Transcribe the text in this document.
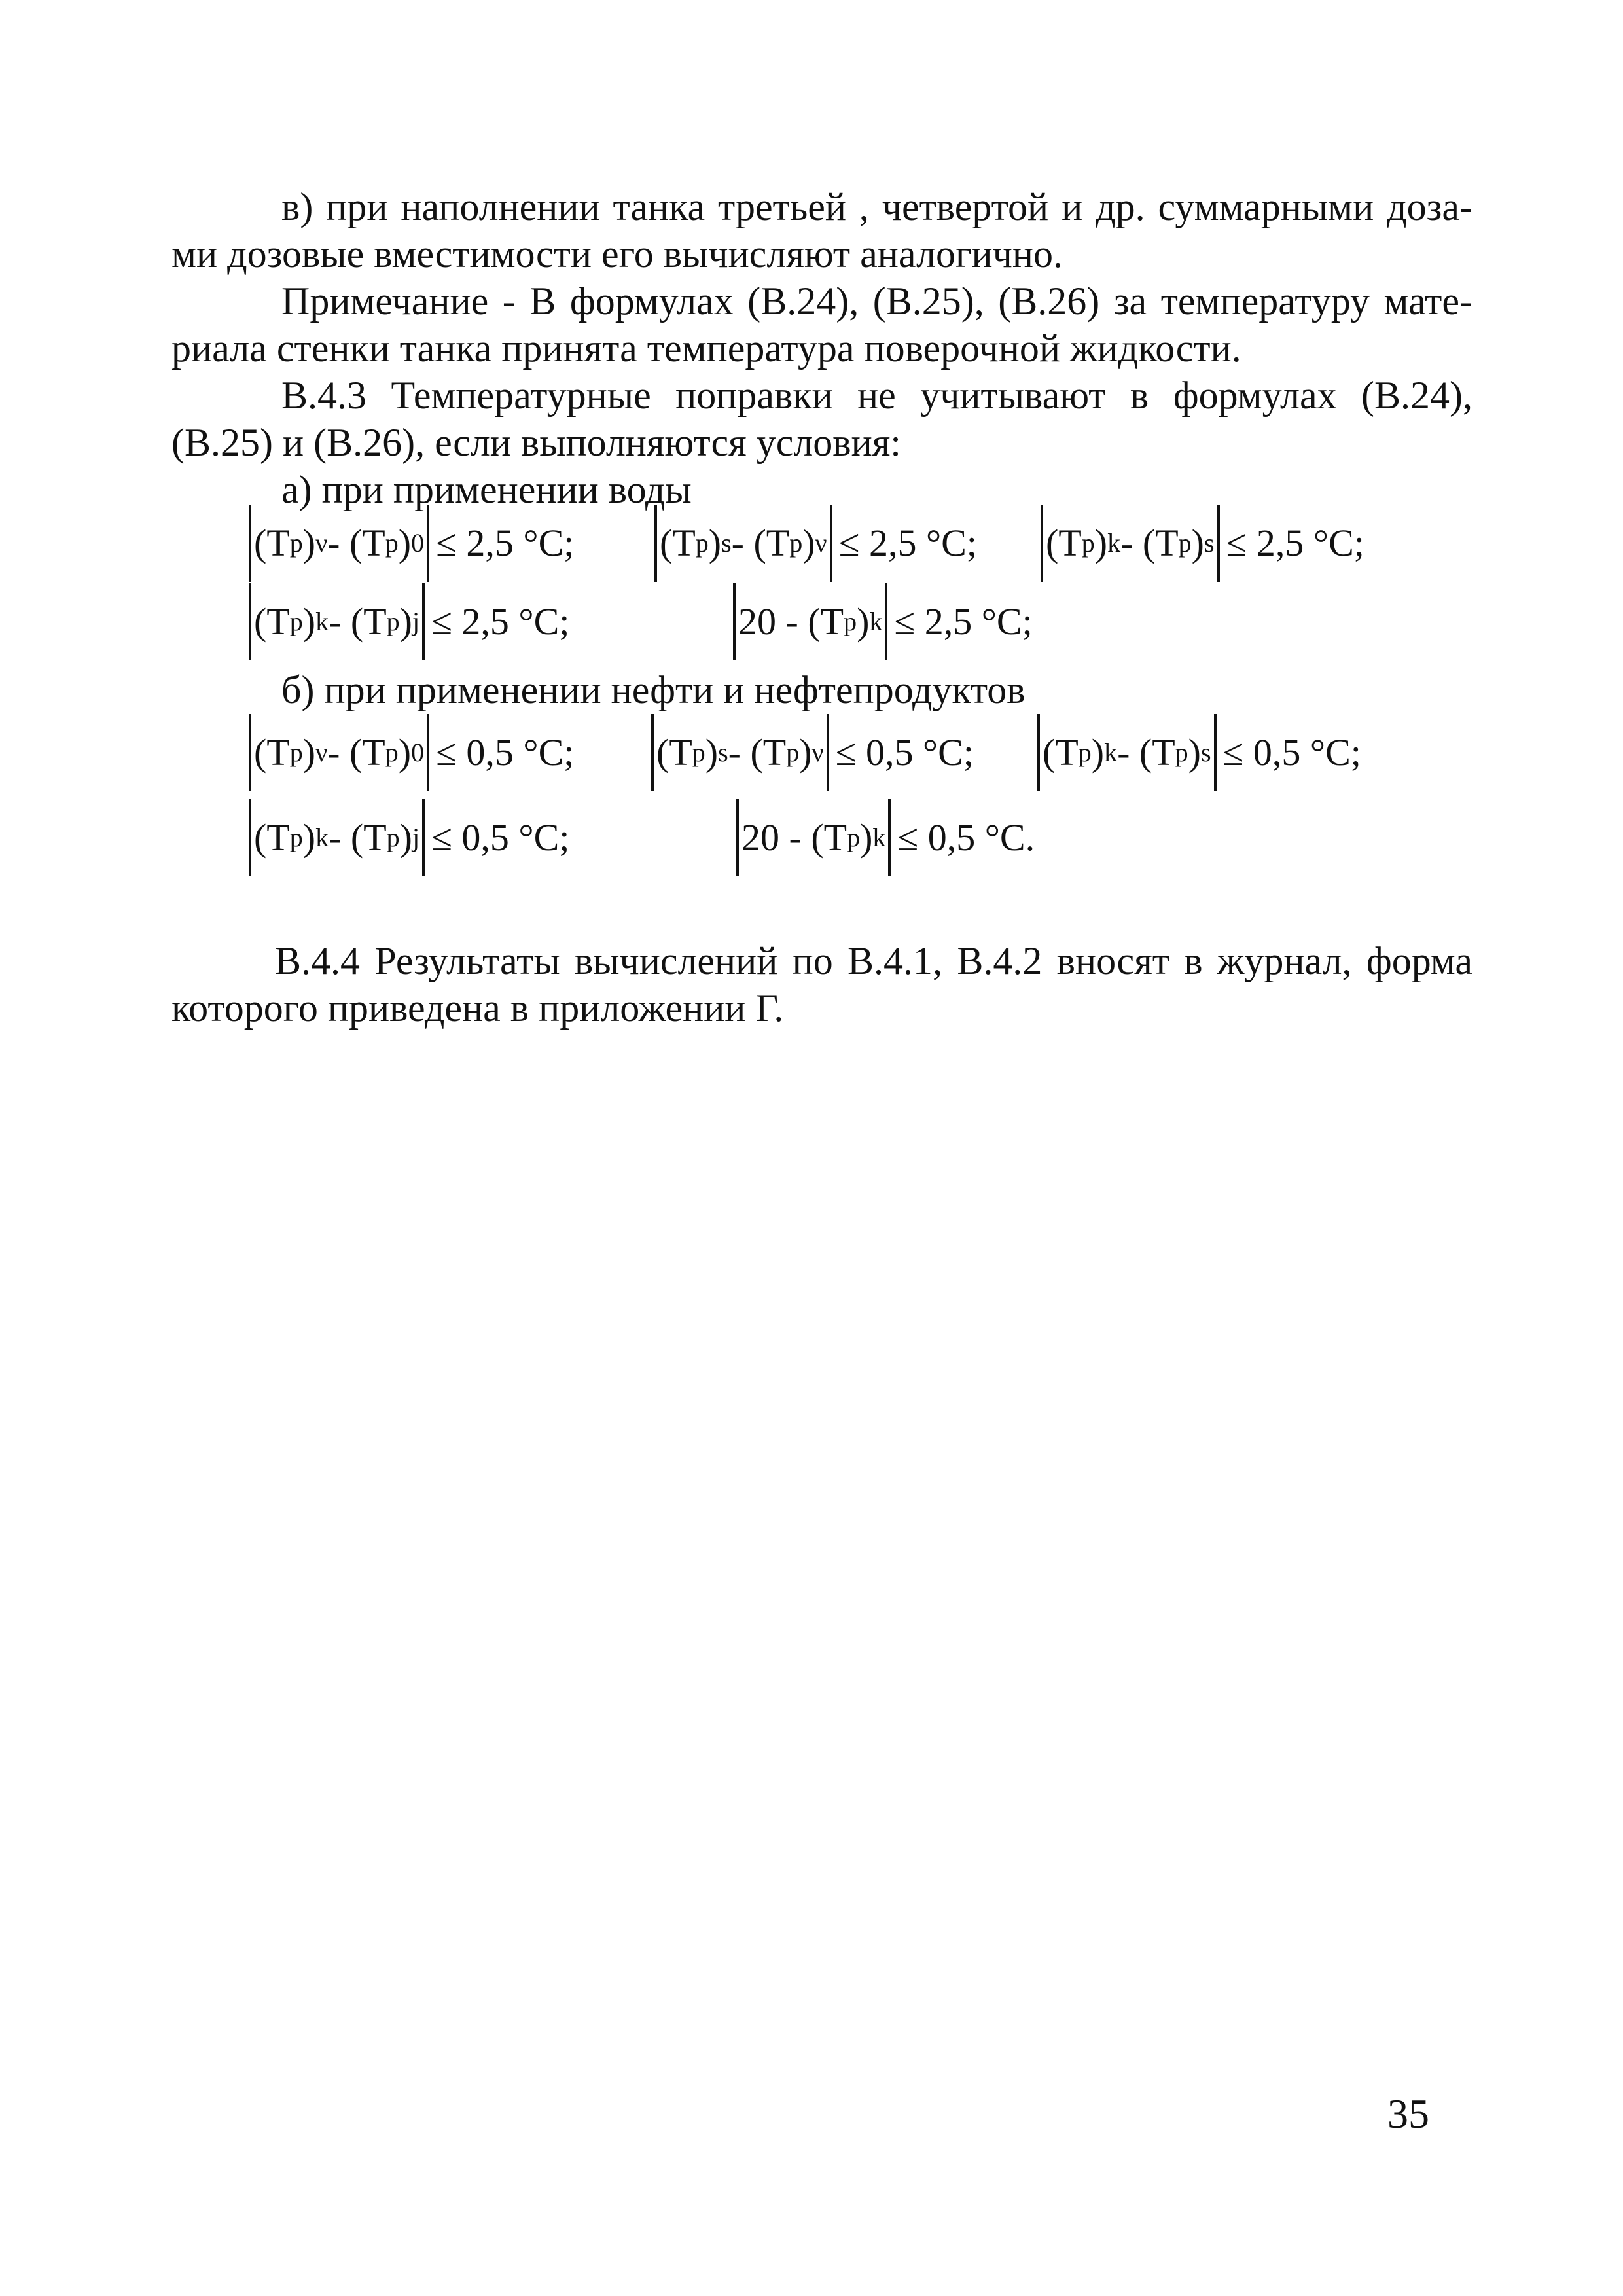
в) при наполнении танка третьей , четвертой и др. суммарными доза-
ми дозовые вместимости его вычисляют аналогично.
Примечание - В формулах (В.24), (В.25), (В.26) за температуру мате-
риала стенки танка принята температура поверочной жидкости.
В.4.3 Температурные поправки не учитывают в формулах (В.24),
(В.25) и (В.26), если выполняются условия:
а) при применении воды
(T p ) ν - (T p ) 0 ≤ 2,5 °C; (T p ) s - (T p ) ν ≤ 2,5 °C; (T p ) k - (T p ) s ≤ 2,5 °C;
(T p ) k - (T p ) j ≤ 2,5 °C;	20 - (T p ) k ≤ 2,5 °C;
б) при применении нефти и нефтепродуктов
(T p ) ν - (T p ) 0 ≤ 0,5 °C; (T p ) s - (T p ) ν ≤ 0,5 °C; (T p ) k - (T p ) s ≤ 0,5 °C;
(T p ) k - (T p ) j ≤ 0,5 °C;	20 - (T p ) k ≤ 0,5 °C.
В.4.4 Результаты вычислений по В.4.1, В.4.2 вносят в журнал, форма
которого приведена в приложении Г.
35
